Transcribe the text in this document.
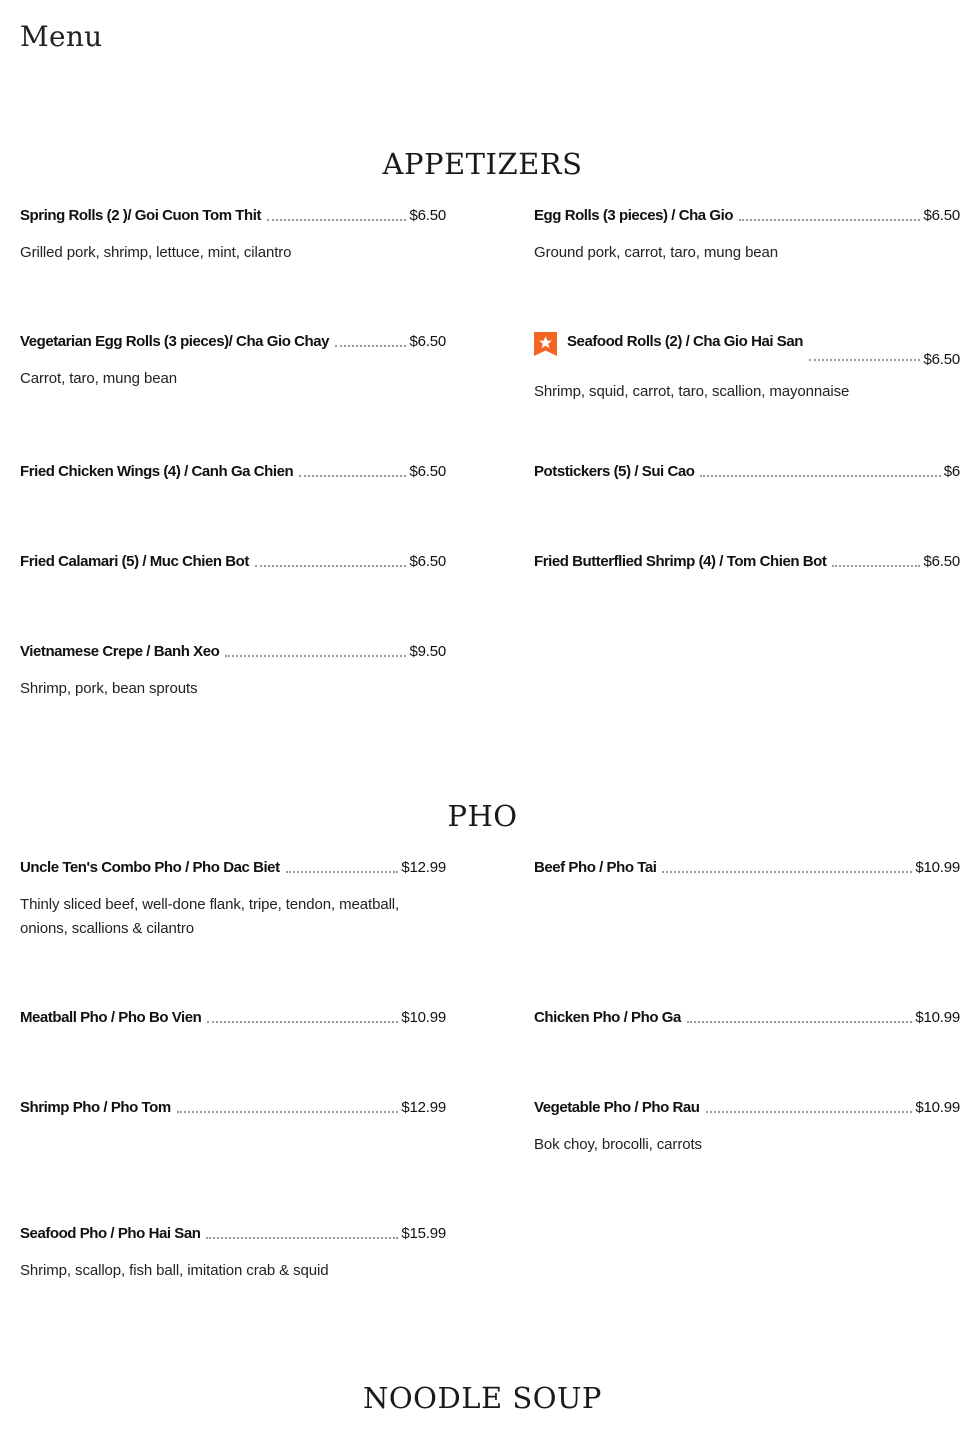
Menu
APPETIZERS
Spring Rolls (2 )/ Goi Cuon Tom Thit	$6.50
Grilled pork, shrimp, lettuce, mint, cilantro
Egg Rolls (3 pieces) / Cha Gio	$6.50
Ground pork, carrot, taro, mung bean
Vegetarian Egg Rolls (3 pieces)/ Cha Gio Chay	$6.50
Carrot, taro, mung bean
Seafood Rolls (2) / Cha Gio Hai San
$6.50
Shrimp, squid, carrot, taro, scallion, mayonnaise
Fried Chicken Wings (4) / Canh Ga Chien	$6.50	Potstickers (5) / Sui Cao	$6
Fried Calamari (5) / Muc Chien Bot	$6.50	Fried Butterflied Shrimp (4) / Tom Chien Bot	$6.50
Vietnamese Crepe / Banh Xeo	$9.50
Shrimp, pork, bean sprouts
PHO
Uncle Ten's Combo Pho / Pho Dac Biet	$12.99
Thinly sliced beef, well-done flank, tripe, tendon, meatball, onions, scallions & cilantro
Beef Pho / Pho Tai	$10.99
Meatball Pho / Pho Bo Vien	$10.99	Chicken Pho / Pho Ga	$10.99
Shrimp Pho / Pho Tom	$12.99	Vegetable Pho / Pho Rau	$10.99
Bok choy, brocolli, carrots
Seafood Pho / Pho Hai San	$15.99
Shrimp, scallop, fish ball, imitation crab & squid
NOODLE SOUP
